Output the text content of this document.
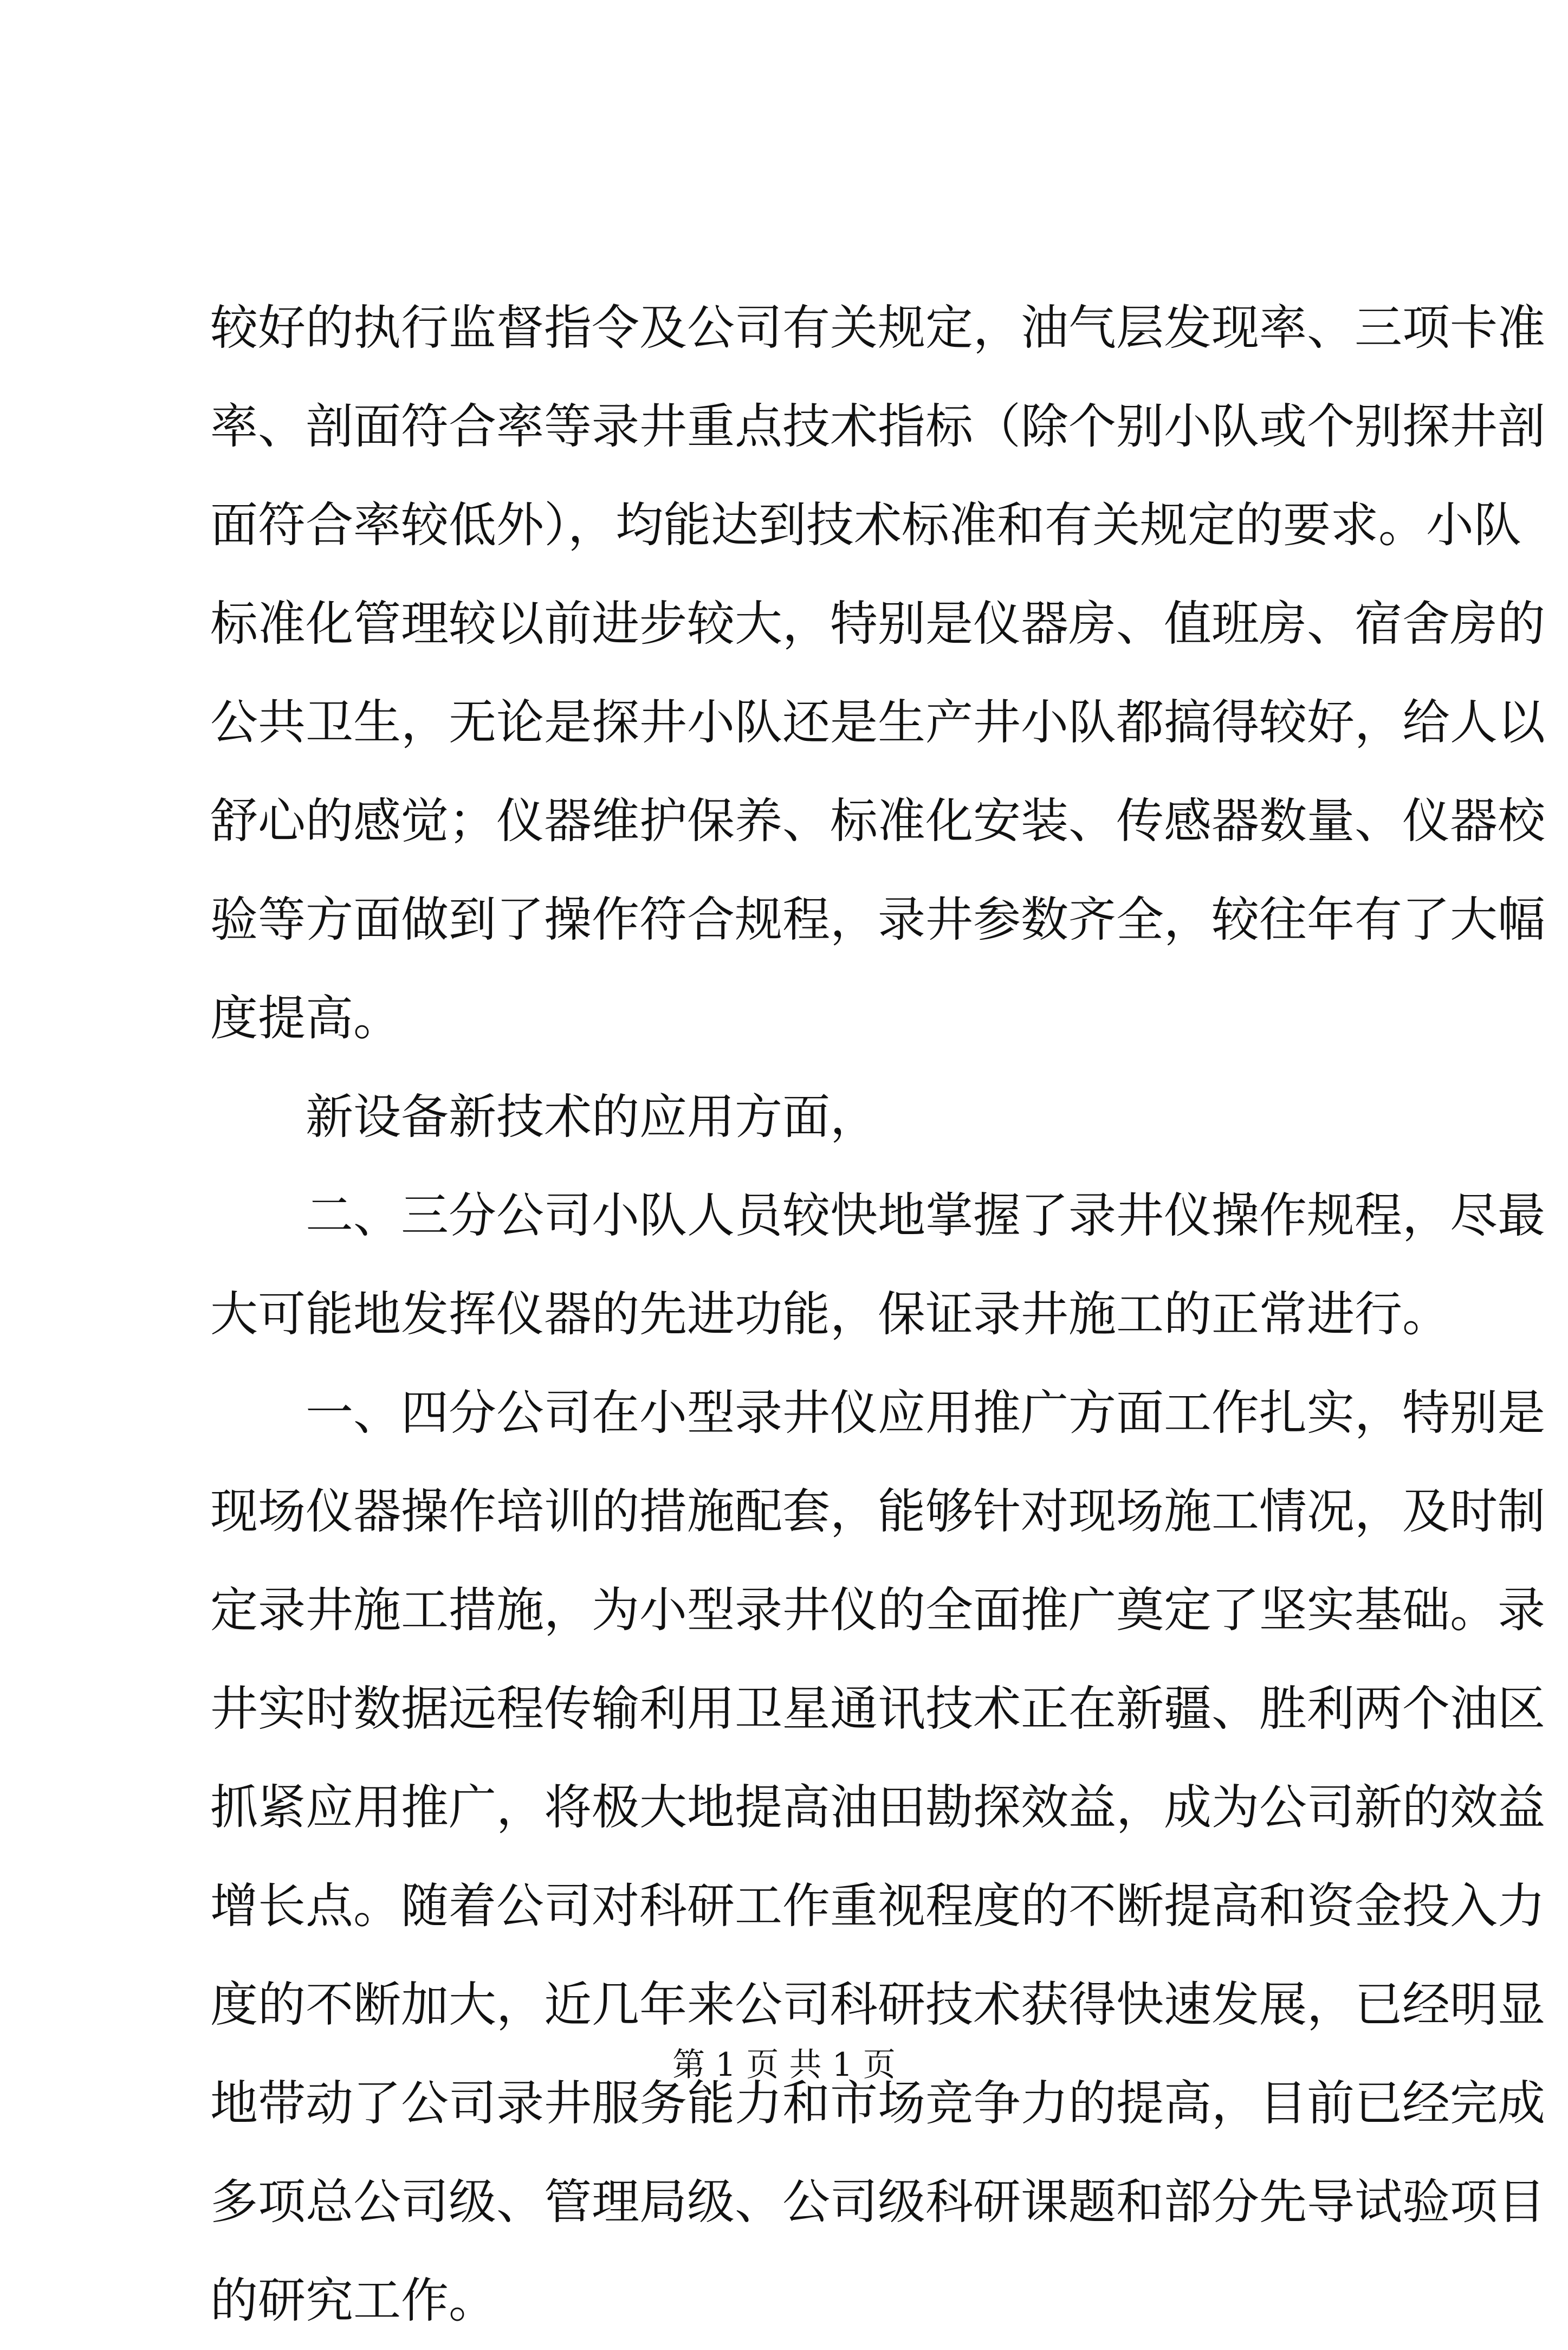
较好的执行监督指令及公司有关规定，油气层发现率、三项卡准
率、剖面符合率等录井重点技术指标（除个别小队或个别探井剖
面符合率较低外），均能达到技术标准和有关规定的要求。小队
标准化管理较以前进步较大，特别是仪器房、值班房、宿舍房的
公共卫生，无论是探井小队还是生产井小队都搞得较好，给人以
舒心的感觉；仪器维护保养、标准化安装、传感器数量、仪器校
验等方面做到了操作符合规程，录井参数齐全，较往年有了大幅
度提高。
新设备新技术的应用方面，
二、三分公司小队人员较快地掌握了录井仪操作规程，尽最
大可能地发挥仪器的先进功能，保证录井施工的正常进行。
一、四分公司在小型录井仪应用推广方面工作扎实，特别是
现场仪器操作培训的措施配套，能够针对现场施工情况，及时制
定录井施工措施，为小型录井仪的全面推广奠定了坚实基础。录
井实时数据远程传输利用卫星通讯技术正在新疆、胜利两个油区
抓紧应用推广，将极大地提高油田勘探效益，成为公司新的效益
增长点。随着公司对科研工作重视程度的不断提高和资金投入力
度的不断加大，近几年来公司科研技术获得快速发展，已经明显
地带动了公司录井服务能力和市场竞争力的提高，目前已经完成
多项总公司级、管理局级、公司级科研课题和部分先导试验项目
的研究工作。
第 1 页 共 1 页
